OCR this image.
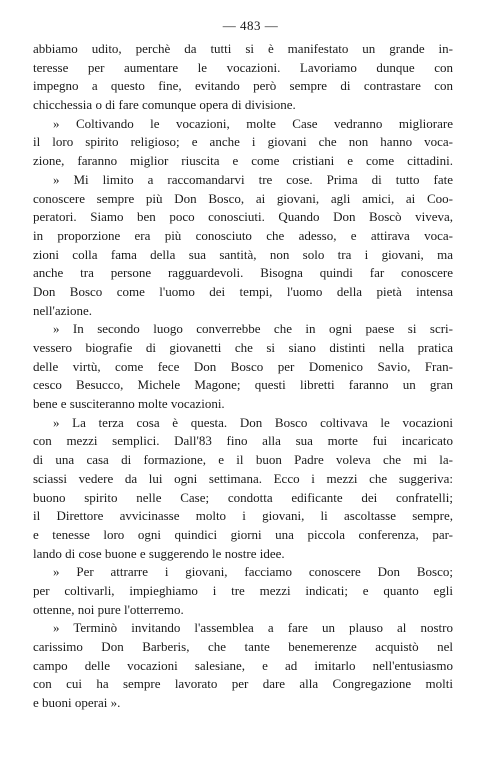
— 483 —
abbiamo udito, perchè da tutti si è manifestato un grande in-
teresse per aumentare le vocazioni. Lavoriamo dunque con
impegno a questo fine, evitando però sempre di contrastare con
chicchessia o di fare comunque opera di divisione.
» Coltivando le vocazioni, molte Case vedranno migliorare
il loro spirito religioso; e anche i giovani che non hanno voca-
zione, faranno miglior riuscita e come cristiani e come cittadini.
» Mi limito a raccomandarvi tre cose. Prima di tutto fate
conoscere sempre più Don Bosco, ai giovani, agli amici, ai Coo-
peratori. Siamo ben poco conosciuti. Quando Don Boscò viveva,
in proporzione era più conosciuto che adesso, e attirava voca-
zioni colla fama della sua santità, non solo tra i giovani, ma
anche tra persone ragguardevoli. Bisogna quindi far conoscere
Don Bosco come l'uomo dei tempi, l'uomo della pietà intensa
nell'azione.
» In secondo luogo converrebbe che in ogni paese si scri-
vessero biografie di giovanetti che si siano distinti nella pratica
delle virtù, come fece Don Bosco per Domenico Savio, Fran-
cesco Besucco, Michele Magone; questi libretti faranno un gran
bene e susciteranno molte vocazioni.
» La terza cosa è questa. Don Bosco coltivava le vocazioni
con mezzi semplici. Dall'83 fino alla sua morte fui incaricato
di una casa di formazione, e il buon Padre voleva che mi la-
sciassi vedere da lui ogni settimana. Ecco i mezzi che suggeriva:
buono spirito nelle Case; condotta edificante dei confratelli;
il Direttore avvicinasse molto i giovani, li ascoltasse sempre,
e tenesse loro ogni quindici giorni una piccola conferenza, par-
lando di cose buone e suggerendo le nostre idee.
» Per attrarre i giovani, facciamo conoscere Don Bosco;
per coltivarli, impieghiamo i tre mezzi indicati; e quanto egli
ottenne, noi pure l'otterremo.
» Terminò invitando l'assemblea a fare un plauso al nostro
carissimo Don Barberis, che tante benemerenze acquistò nel
campo delle vocazioni salesiane, e ad imitarlo nell'entusiasmo
con cui ha sempre lavorato per dare alla Congregazione molti
e buoni operai ».
